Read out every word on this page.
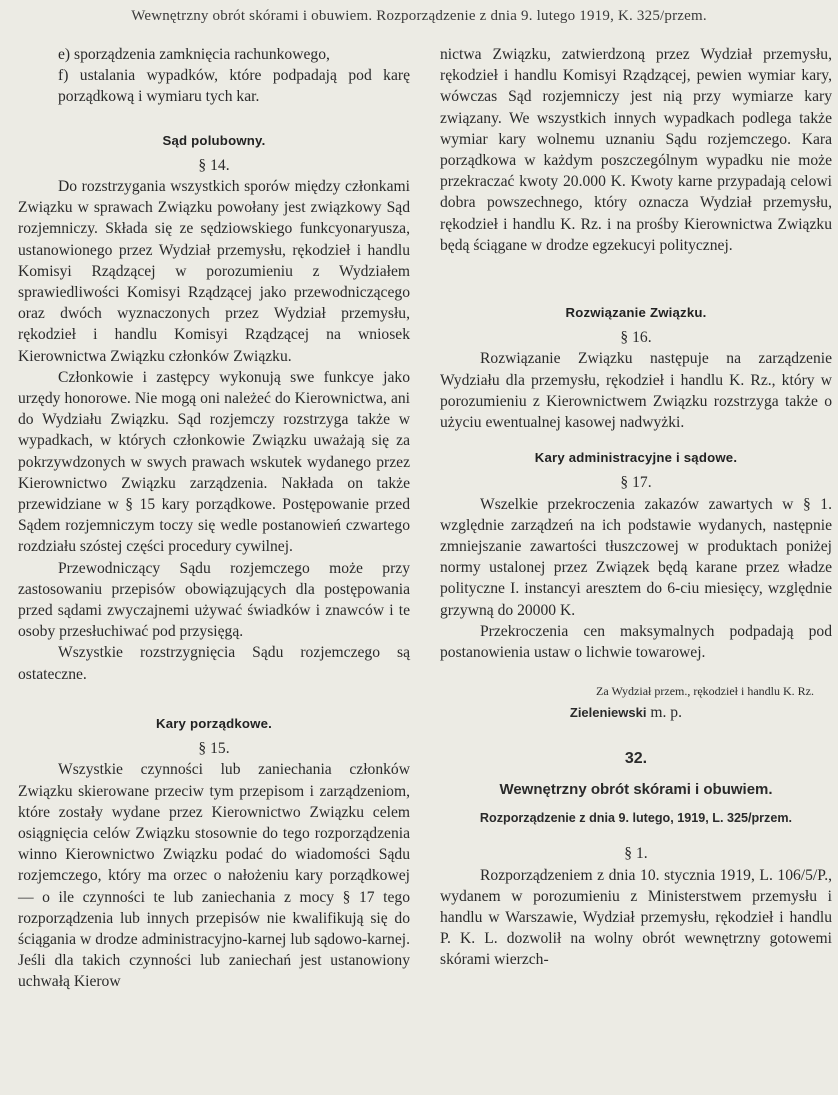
Wewnętrzny obrót skórami i obuwiem. Rozporządzenie z dnia 9. lutego 1919, K. 325/przem.

e) sporządzenia zamknięcia rachunkowego,

f) ustalania wypadków, które podpadają pod karę porządkową i wymiaru tych kar.

Sąd polubowny.
§ 14.

Do rozstrzygania wszystkich sporów między członkami Związku w sprawach Związku powołany jest związkowy Sąd rozjemniczy. Składa się ze sędziowskiego funkcyonaryusza, ustanowionego przez Wydział przemysłu, rękodzieł i handlu Komisyi Rządzącej w porozumieniu z Wydziałem sprawiedliwości Komisyi Rządzącej jako przewodniczącego oraz dwóch wyznaczonych przez Wydział przemysłu, rękodzieł i handlu Komisyi Rządzącej na wniosek Kierownictwa Związku członków Związku.

Członkowie i zastępcy wykonują swe funkcye jako urzędy honorowe. Nie mogą oni należeć do Kierownictwa, ani do Wydziału Związku. Sąd rozjemczy rozstrzyga także w wypadkach, w których członkowie Związku uważają się za pokrzywdzonych w swych prawach wskutek wydanego przez Kierownictwo Związku zarządzenia. Nakłada on także przewidziane w § 15 kary porządkowe. Postępowanie przed Sądem rozjemniczym toczy się wedle postanowień czwartego rozdziału szóstej części procedury cywilnej.

Przewodniczący Sądu rozjemczego może przy zastosowaniu przepisów obowiązujących dla postępowania przed sądami zwyczajnemi używać świadków i znawców i te osoby przesłuchiwać pod przysięgą.

Wszystkie rozstrzygnięcia Sądu rozjemczego są ostateczne.

Kary porządkowe.
§ 15.

Wszystkie czynności lub zaniechania członków Związku skierowane przeciw tym przepisom i zarządzeniom, które zostały wydane przez Kierownictwo Związku celem osiągnięcia celów Związku stosownie do tego rozporządzenia winno Kierownictwo Związku podać do wiadomości Sądu rozjemczego, który ma orzec o nałożeniu kary porządkowej — o ile czynności te lub zaniechania z mocy § 17 tego rozporządzenia lub innych przepisów nie kwalifikują się do ściągania w drodze administracyjno-karnej lub sądowo-karnej. Jeśli dla takich czynności lub zaniechań jest ustanowiony uchwałą Kierow

nictwa Związku, zatwierdzoną przez Wydział przemysłu, rękodzieł i handlu Komisyi Rządzącej, pewien wymiar kary, wówczas Sąd rozjemniczy jest nią przy wymiarze kary związany. We wszystkich innych wypadkach podlega także wymiar kary wolnemu uznaniu Sądu rozjemczego. Kara porządkowa w każdym poszczególnym wypadku nie może przekraczać kwoty 20.000 K. Kwoty karne przypadają celowi dobra powszechnego, który oznacza Wydział przemysłu, rękodzieł i handlu K. Rz. i na prośby Kierownictwa Związku będą ściągane w drodze egzekucyi politycznej.

Rozwiązanie Związku.
§ 16.

Rozwiązanie Związku następuje na zarządzenie Wydziału dla przemysłu, rękodzieł i handlu K. Rz., który w porozumieniu z Kierownictwem Związku rozstrzyga także o użyciu ewentualnej kasowej nadwyżki.

Kary administracyjne i sądowe.
§ 17.

Wszelkie przekroczenia zakazów zawartych w § 1. względnie zarządzeń na ich podstawie wydanych, następnie zmniejszanie zawartości tłuszczowej w produktach poniżej normy ustalonej przez Związek będą karane przez władze polityczne I. instancyi aresztem do 6-ciu miesięcy, względnie grzywną do 20000 K.

Przekroczenia cen maksymalnych podpadają pod postanowienia ustaw o lichwie towarowej.

Za Wydział przem., rękodzieł i handlu K. Rz.
Zieleniewski m. p.
32.
Wewnętrzny obrót skórami i obuwiem.
Rozporządzenie z dnia 9. lutego, 1919, L. 325/przem.
§ 1.

Rozporządzeniem z dnia 10. stycznia 1919, L. 106/5/P., wydanem w porozumieniu z Ministerstwem przemysłu i handlu w Warszawie, Wydział przemysłu, rękodzieł i handlu P. K. L. dozwolił na wolny obrót wewnętrzny gotowemi skórami wierzch-
